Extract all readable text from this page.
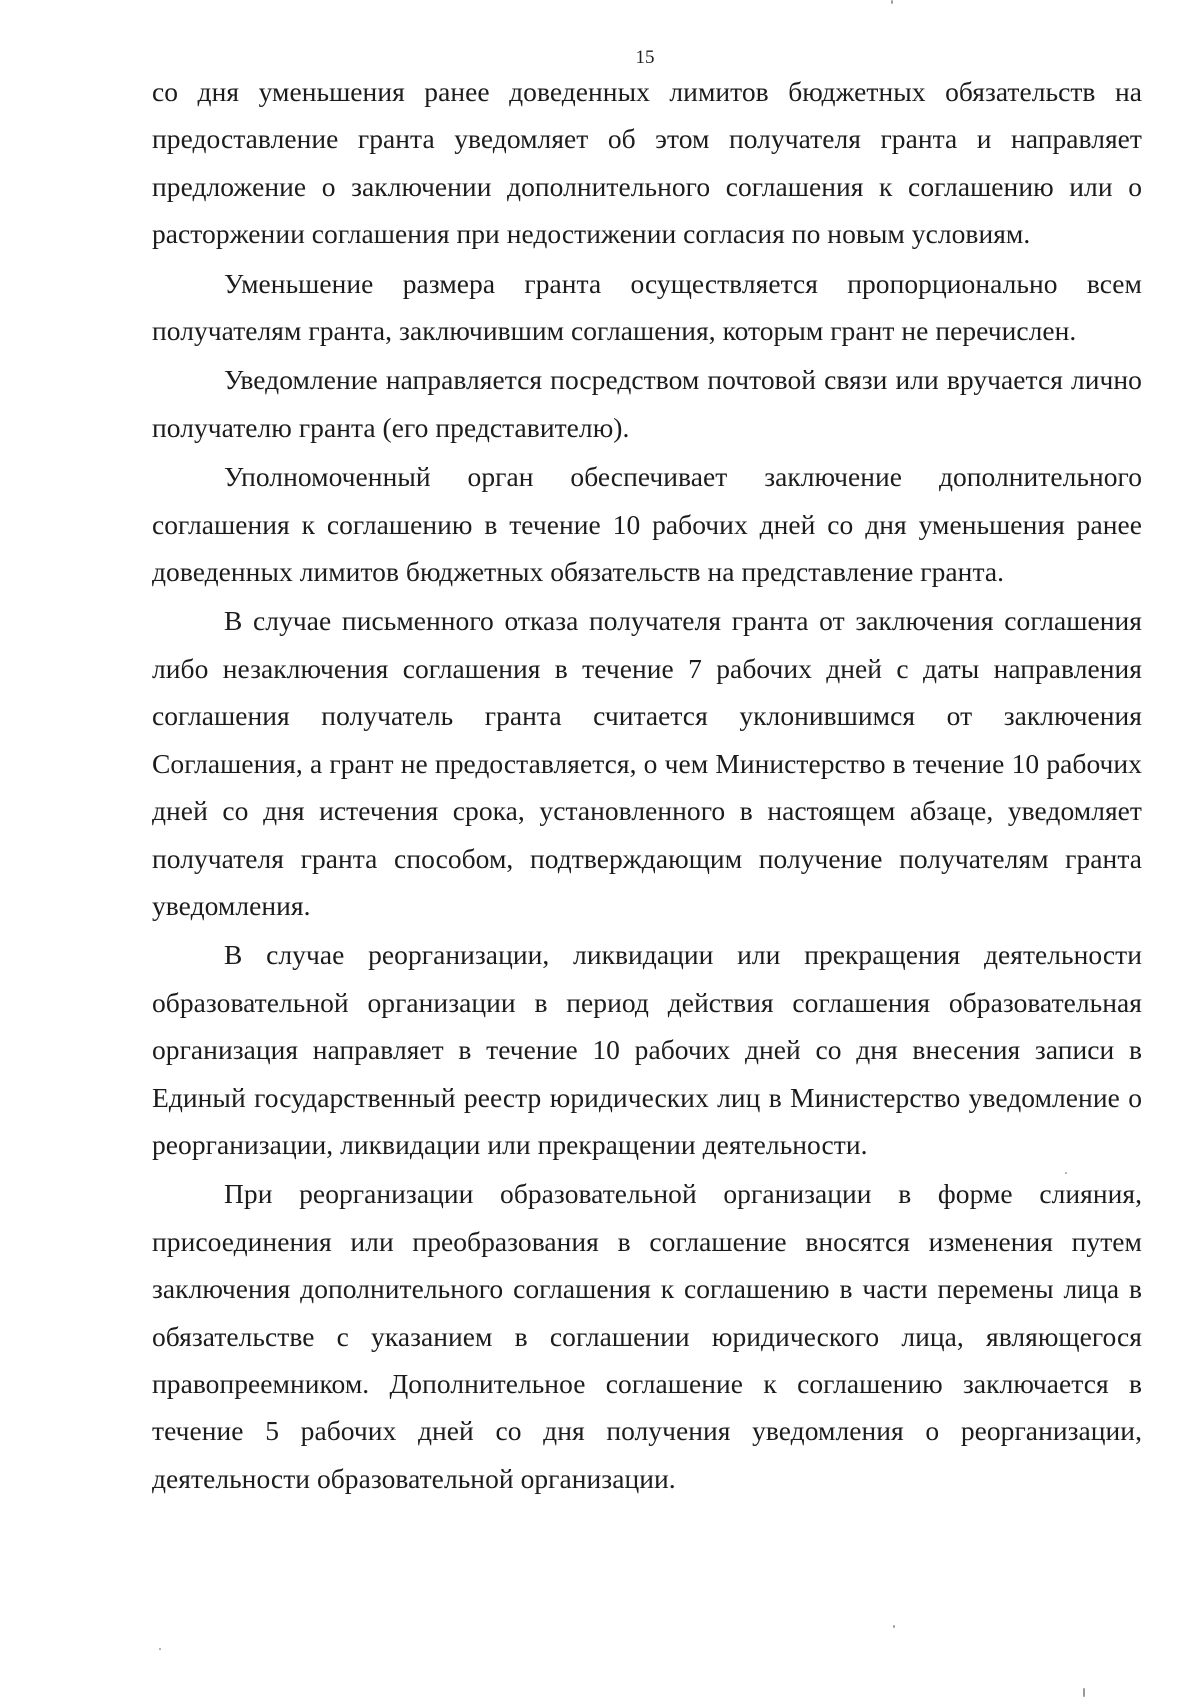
15

со дня уменьшения ранее доведенных лимитов бюджетных обязательств на предоставление гранта уведомляет об этом получателя гранта и направляет предложение о заключении дополнительного соглашения к соглашению или о расторжении соглашения при недостижении согласия по новым условиям.

Уменьшение размера гранта осуществляется пропорционально всем получателям гранта, заключившим соглашения, которым грант не перечислен.

Уведомление направляется посредством почтовой связи или вручается лично получателю гранта (его представителю).

Уполномоченный орган обеспечивает заключение дополнительного соглашения к соглашению в течение 10 рабочих дней со дня уменьшения ранее доведенных лимитов бюджетных обязательств на представление гранта.

В случае письменного отказа получателя гранта от заключения соглашения либо незаключения соглашения в течение 7 рабочих дней с даты направления соглашения получатель гранта считается уклонившимся от заключения Соглашения, а грант не предоставляется, о чем Министерство в течение 10 рабочих дней со дня истечения срока, установленного в настоящем абзаце, уведомляет получателя гранта способом, подтверждающим получение получателям гранта уведомления.

В случае реорганизации, ликвидации или прекращения деятельности образовательной организации в период действия соглашения образовательная организация направляет в течение 10 рабочих дней со дня внесения записи в Единый государственный реестр юридических лиц в Министерство уведомление о реорганизации, ликвидации или прекращении деятельности.

При реорганизации образовательной организации в форме слияния, присоединения или преобразования в соглашение вносятся изменения путем заключения дополнительного соглашения к соглашению в части перемены лица в обязательстве с указанием в соглашении юридического лица, являющегося правопреемником. Дополнительное соглашение к соглашению заключается в течение 5 рабочих дней со дня получения уведомления о реорганизации, деятельности образовательной организации.
